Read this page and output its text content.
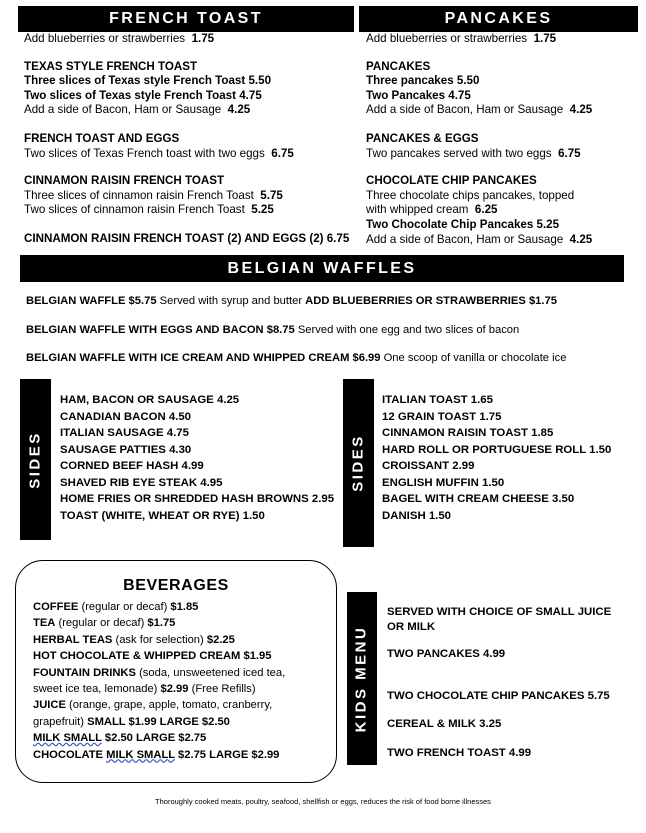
FRENCH TOAST	PANCAKES
Add blueberries or strawberries 1.75
TEXAS STYLE FRENCH TOAST
Three slices of Texas style French Toast 5.50
Two slices of Texas style French Toast 4.75
Add a side of Bacon, Ham or Sausage 4.25
FRENCH TOAST AND EGGS
Two slices of Texas French toast with two eggs 6.75
CINNAMON RAISIN FRENCH TOAST
Three slices of cinnamon raisin French Toast 5.75
Two slices of cinnamon raisin French Toast 5.25
CINNAMON RAISIN FRENCH TOAST (2) AND EGGS (2) 6.75
Add blueberries or strawberries 1.75
PANCAKES
Three pancakes 5.50
Two Pancakes 4.75
Add a side of Bacon, Ham or Sausage 4.25
PANCAKES & EGGS
Two pancakes served with two eggs 6.75
CHOCOLATE CHIP PANCAKES
Three chocolate chips pancakes, topped
with whipped cream 6.25
Two Chocolate Chip Pancakes 5.25
Add a side of Bacon, Ham or Sausage 4.25
BELGIAN WAFFLES
BELGIAN WAFFLE $5.75 Served with syrup and butter ADD BLUEBERRIES OR STRAWBERRIES $1.75
BELGIAN WAFFLE WITH EGGS AND BACON $8.75 Served with one egg and two slices of bacon
BELGIAN WAFFLE WITH ICE CREAM AND WHIPPED CREAM $6.99 One scoop of vanilla or chocolate ice
SIDES
HAM, BACON OR SAUSAGE 4.25
CANADIAN BACON 4.50
ITALIAN SAUSAGE 4.75
SAUSAGE PATTIES 4.30
CORNED BEEF HASH 4.99
SHAVED RIB EYE STEAK 4.95
HOME FRIES OR SHREDDED HASH BROWNS 2.95
TOAST (WHITE, WHEAT OR RYE) 1.50
SIDES
ITALIAN TOAST 1.65
12 GRAIN TOAST 1.75
CINNAMON RAISIN TOAST 1.85
HARD ROLL OR PORTUGUESE ROLL 1.50
CROISSANT 2.99
ENGLISH MUFFIN 1.50
BAGEL WITH CREAM CHEESE 3.50
DANISH 1.50
BEVERAGES
COFFEE (regular or decaf) $1.85
TEA (regular or decaf) $1.75
HERBAL TEAS (ask for selection) $2.25
HOT CHOCOLATE & WHIPPED CREAM $1.95
FOUNTAIN DRINKS (soda, unsweetened iced tea,
sweet ice tea, lemonade) $2.99 (Free Refills)
JUICE (orange, grape, apple, tomato, cranberry,
grapefruit) SMALL $1.99 LARGE $2.50
MILK SMALL $2.50 LARGE $2.75
CHOCOLATE MILK SMALL $2.75 LARGE $2.99
KIDS MENU
SERVED WITH CHOICE OF SMALL JUICE
OR MILK
TWO PANCAKES 4.99
TWO CHOCOLATE CHIP PANCAKES 5.75
CEREAL & MILK 3.25
TWO FRENCH TOAST 4.99
Thoroughly cooked meats, poultry, seafood, shellfish or eggs, reduces the risk of food borne illnesses
